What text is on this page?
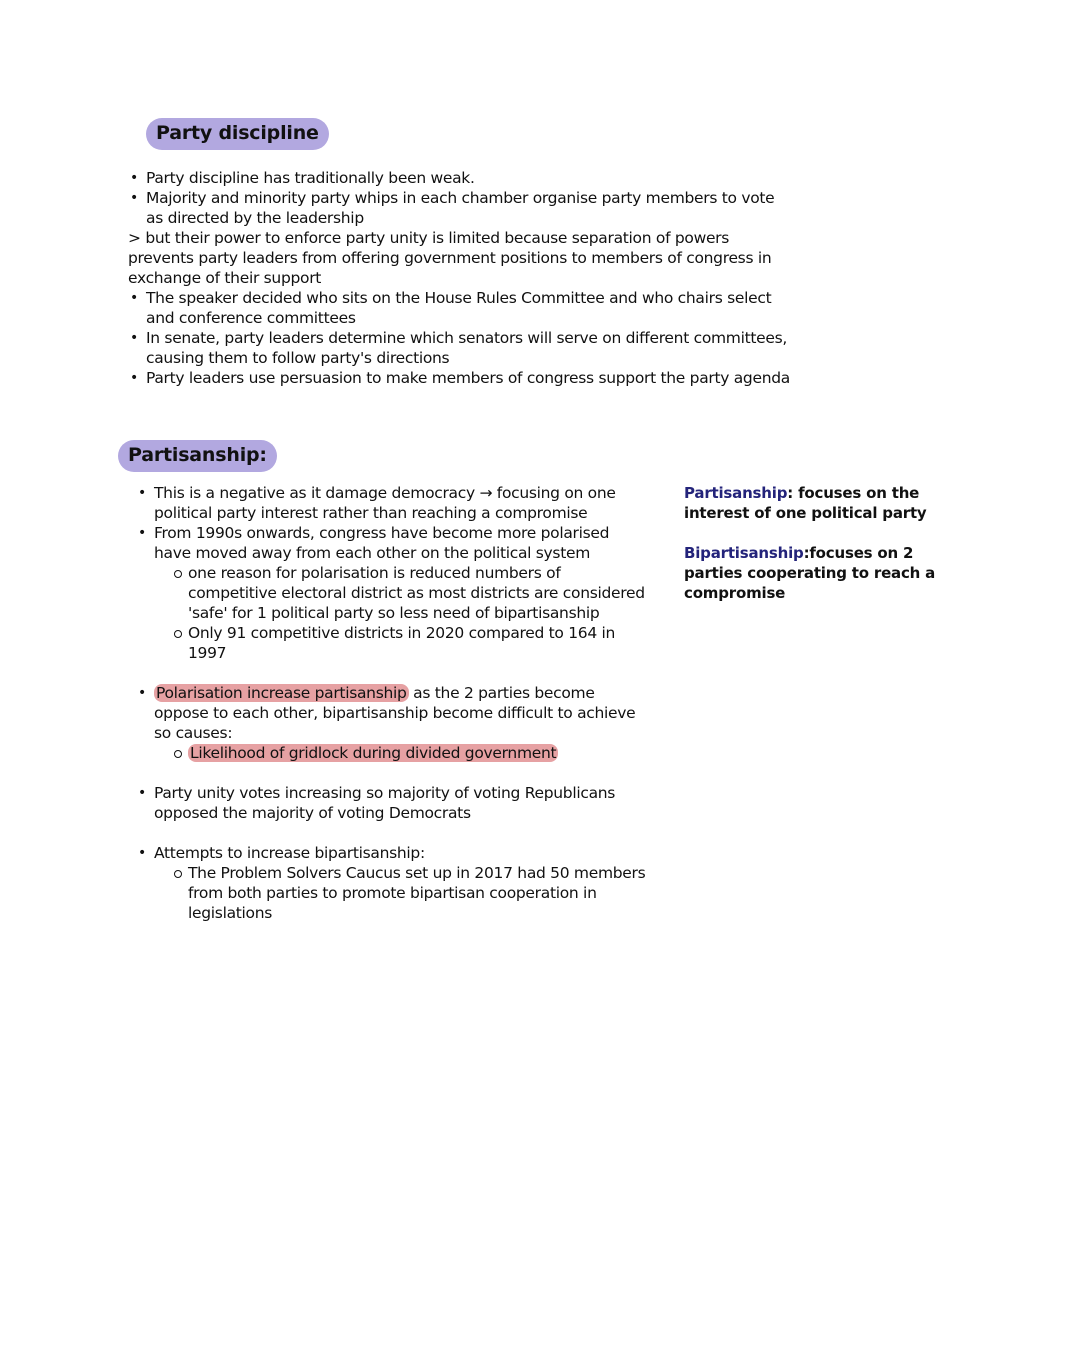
Party discipline
• Party discipline has traditionally been weak.
• Majority and minority party whips in each chamber organise party members to vote as directed by the leadership
> but their power to enforce party unity is limited because separation of powers prevents party leaders from offering government positions to members of congress in exchange of their support
• The speaker decided who sits on the House Rules Committee and who chairs select and conference committees
• In senate, party leaders determine which senators will serve on different committees, causing them to follow party's directions
• Party leaders use persuasion to make members of congress support the party agenda
Partisanship:
• This is a negative as it damage democracy → focusing on one political party interest rather than reaching a compromise
• From 1990s onwards, congress have become more polarised have moved away from each other on the political system
one reason for polarisation is reduced numbers of competitive electoral district as most districts are considered 'safe' for 1 political party so less need of bipartisanship
Only 91 competitive districts in 2020 compared to 164 in 1997
• Polarisation increase partisanship as the 2 parties become oppose to each other, bipartisanship become difficult to achieve so causes:
Likelihood of gridlock during divided government
• Party unity votes increasing so majority of voting Republicans opposed the majority of voting Democrats
• Attempts to increase bipartisanship:
The Problem Solvers Caucus set up in 2017 had 50 members from both parties to promote bipartisan cooperation in legislations
Partisanship: focuses on the interest of one political party
Bipartisanship:focuses on 2 parties cooperating to reach a compromise
